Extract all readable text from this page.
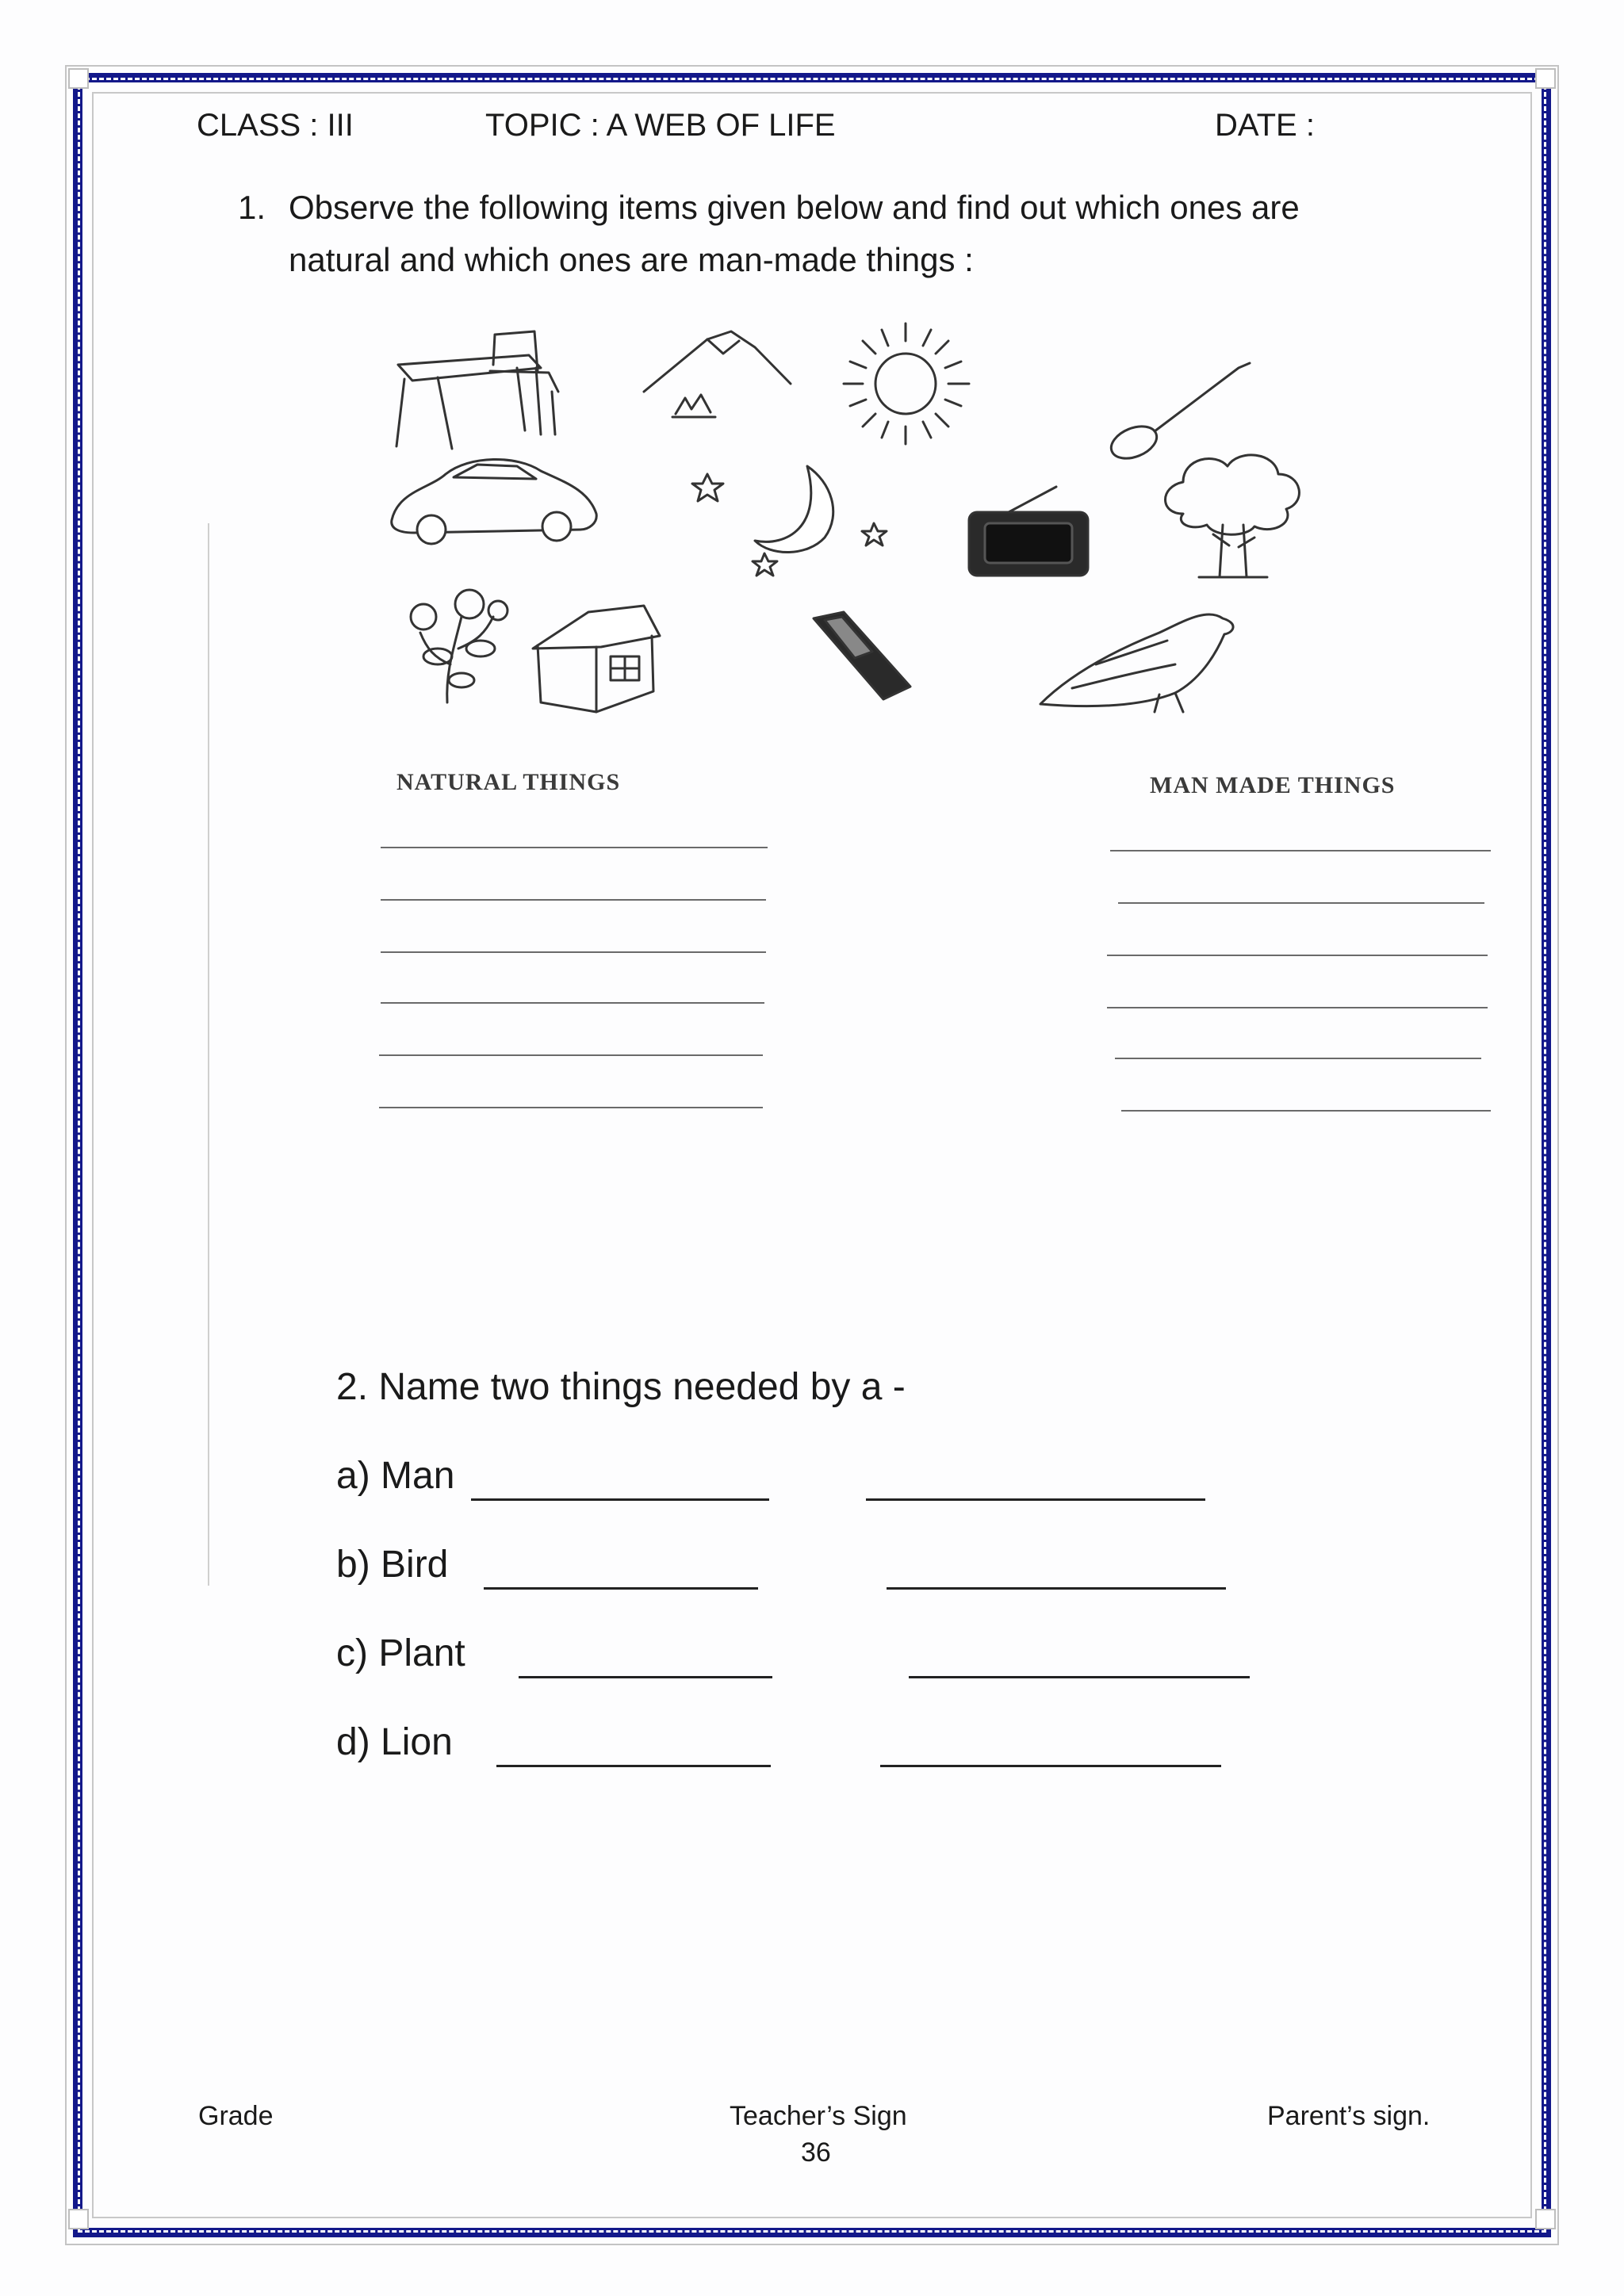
CLASS : III	TOPIC : A WEB OF LIFE	DATE :
1. Observe the following items given below and find out which ones are
natural and which ones are man-made things :
NATURAL THINGS	MAN MADE THINGS
2. Name two things needed by a -
a) Man
b) Bird
c) Plant
d) Lion
Grade	Teacher’s Sign	Parent’s sign.
36
